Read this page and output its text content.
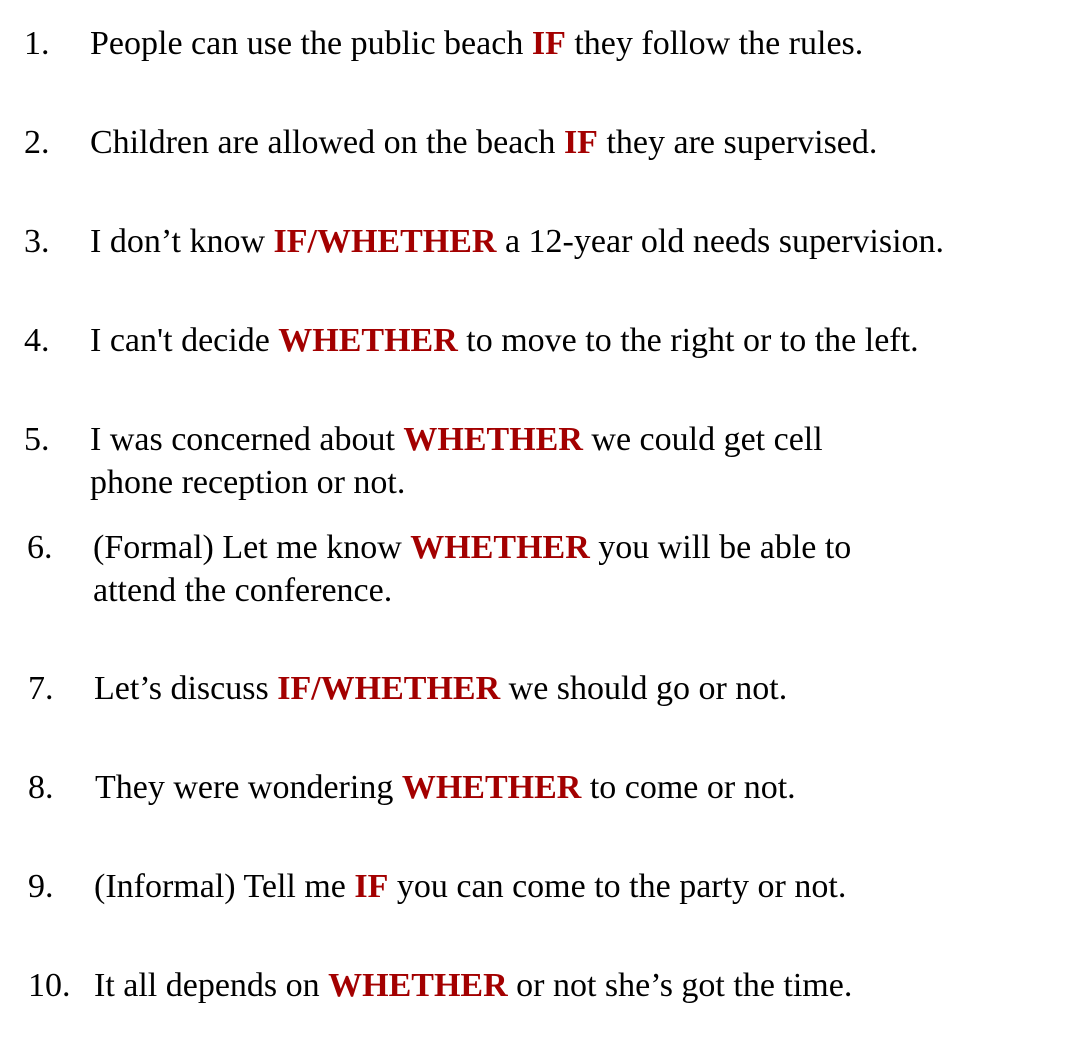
1. People can use the public beach IF they follow the rules.
2. Children are allowed on the beach IF they are supervised.
3. I don’t know IF/WHETHER a 12-year old needs supervision.
4. I can't decide WHETHER to move to the right or to the left.
5. I was concerned about WHETHER we could get cell
phone reception or not.
6. (Formal) Let me know WHETHER you will be able to
attend the conference.
7. Let’s discuss IF/WHETHER we should go or not.
8. They were wondering WHETHER to come or not.
9. (Informal) Tell me IF you can come to the party or not.
10. It all depends on WHETHER or not she’s got the time.
